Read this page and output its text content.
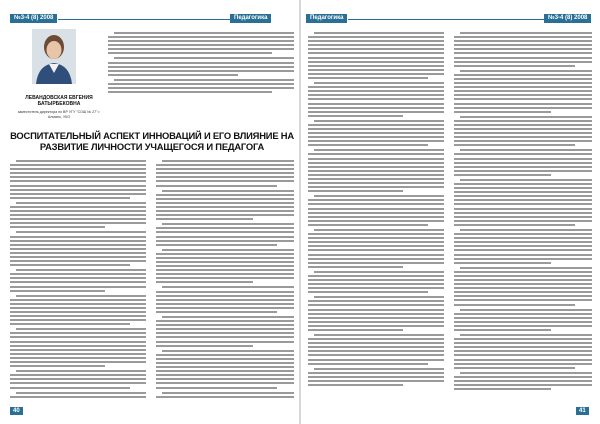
№3-4 (8) 2008	Педагогика
ЛЕВАНДОВСКАЯ ЕВГЕНИЯ БАТЫРБЕКОВНА
заместитель директора по ВР УГУ "СОШ № 27" г. Алматы, УКО
ВОСПИТАТЕЛЬНЫЙ АСПЕКТ ИННОВАЦИЙ И ЕГО ВЛИЯНИЕ НА РАЗВИТИЕ ЛИЧНОСТИ УЧАЩЕГОСЯ И ПЕДАГОГА
40
Педагогика	№3-4 (8) 2008
41
